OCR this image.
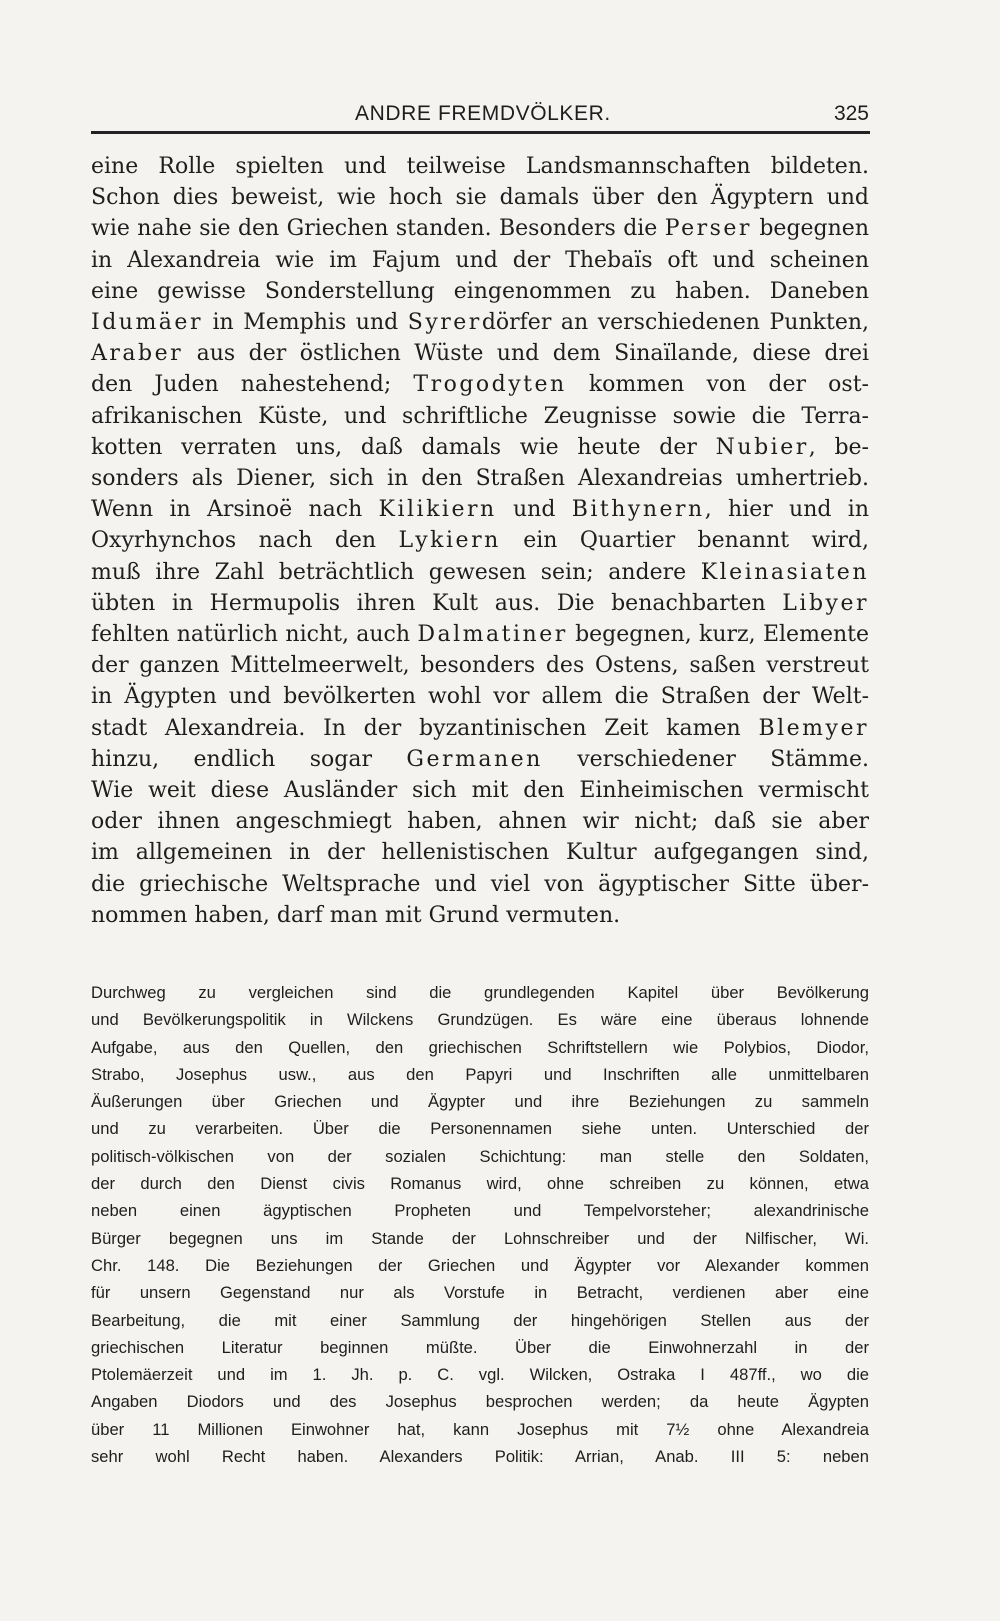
ANDRE FREMDVÖLKER.	325
eine Rolle spielten und teilweise Landsmannschaften bildeten.
Schon dies beweist, wie hoch sie damals über den Ägyptern und
wie nahe sie den Griechen standen. Besonders die Perser begegnen
in Alexandreia wie im Fajum und der Thebaïs oft und scheinen
eine gewisse Sonderstellung eingenommen zu haben. Daneben
Idumäer in Memphis und Syrerdörfer an verschiedenen Punkten,
Araber aus der östlichen Wüste und dem Sinaïlande, diese drei
den Juden nahestehend; Trogodyten kommen von der ost-
afrikanischen Küste, und schriftliche Zeugnisse sowie die Terra-
kotten verraten uns, daß damals wie heute der Nubier, be-
sonders als Diener, sich in den Straßen Alexandreias umhertrieb.
Wenn in Arsinoë nach Kilikiern und Bithynern, hier und in
Oxyrhynchos nach den Lykiern ein Quartier benannt wird,
muß ihre Zahl beträchtlich gewesen sein; andere Kleinasiaten
übten in Hermupolis ihren Kult aus. Die benachbarten Libyer
fehlten natürlich nicht, auch Dalmatiner begegnen, kurz, Elemente
der ganzen Mittelmeerwelt, besonders des Ostens, saßen verstreut
in Ägypten und bevölkerten wohl vor allem die Straßen der Welt-
stadt Alexandreia. In der byzantinischen Zeit kamen Blemyer
hinzu, endlich sogar Germanen verschiedener Stämme.
Wie weit diese Ausländer sich mit den Einheimischen vermischt
oder ihnen angeschmiegt haben, ahnen wir nicht; daß sie aber
im allgemeinen in der hellenistischen Kultur aufgegangen sind,
die griechische Weltsprache und viel von ägyptischer Sitte über-
nommen haben, darf man mit Grund vermuten.
Durchweg zu vergleichen sind die grundlegenden Kapitel über Bevölkerung
und Bevölkerungspolitik in Wilckens Grundzügen. Es wäre eine überaus lohnende
Aufgabe, aus den Quellen, den griechischen Schriftstellern wie Polybios, Diodor,
Strabo, Josephus usw., aus den Papyri und Inschriften alle unmittelbaren
Äußerungen über Griechen und Ägypter und ihre Beziehungen zu sammeln
und zu verarbeiten. Über die Personennamen siehe unten. Unterschied der
politisch-völkischen von der sozialen Schichtung: man stelle den Soldaten,
der durch den Dienst civis Romanus wird, ohne schreiben zu können, etwa
neben einen ägyptischen Propheten und Tempelvorsteher; alexandrinische
Bürger begegnen uns im Stande der Lohnschreiber und der Nilfischer, Wi.
Chr. 148. Die Beziehungen der Griechen und Ägypter vor Alexander kommen
für unsern Gegenstand nur als Vorstufe in Betracht, verdienen aber eine
Bearbeitung, die mit einer Sammlung der hingehörigen Stellen aus der
griechischen Literatur beginnen müßte. Über die Einwohnerzahl in der
Ptolemäerzeit und im 1. Jh. p. C. vgl. Wilcken, Ostraka I 487ff., wo die
Angaben Diodors und des Josephus besprochen werden; da heute Ägypten
über 11 Millionen Einwohner hat, kann Josephus mit 7½ ohne Alexandreia
sehr wohl Recht haben. Alexanders Politik: Arrian, Anab. III 5: neben
